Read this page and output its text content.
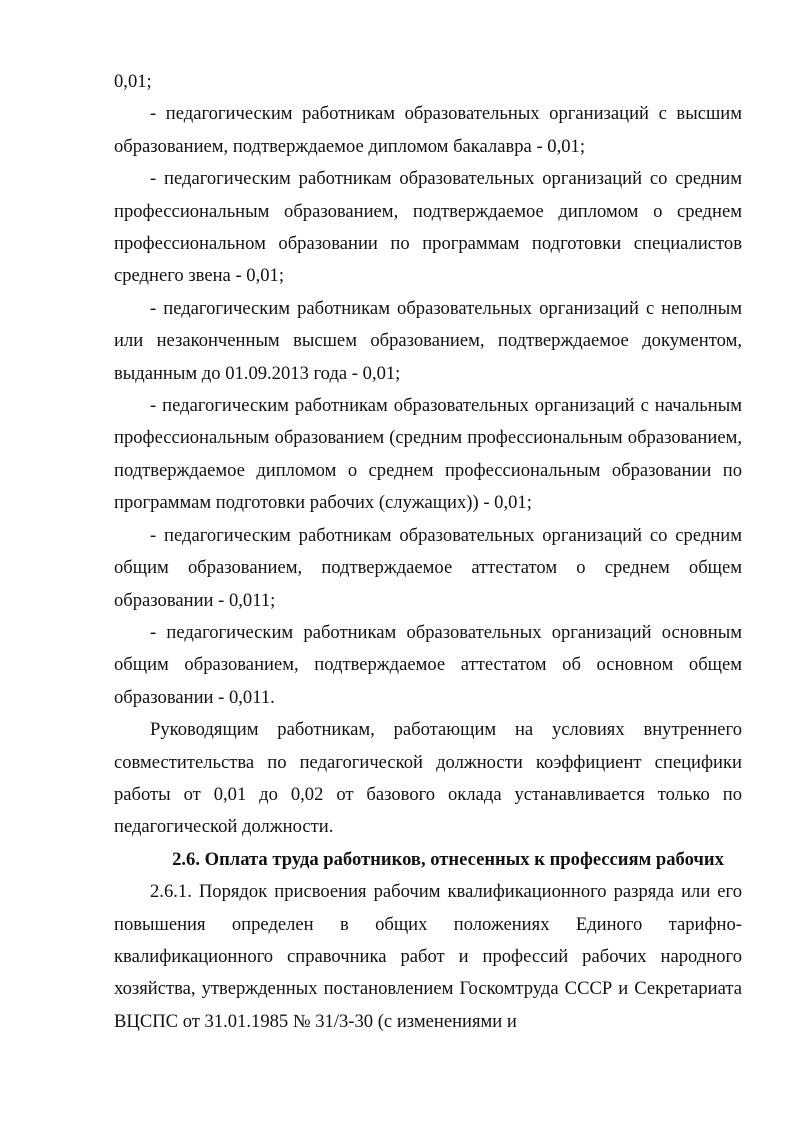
0,01;

- педагогическим работникам образовательных организаций с высшим образованием, подтверждаемое дипломом бакалавра - 0,01;

- педагогическим работникам образовательных организаций со средним профессиональным образованием, подтверждаемое дипломом о среднем профессиональном образовании по программам подготовки специалистов среднего звена - 0,01;

- педагогическим работникам образовательных организаций с неполным или незаконченным высшем образованием, подтверждаемое документом, выданным до 01.09.2013 года - 0,01;

- педагогическим работникам образовательных организаций с начальным профессиональным образованием (средним профессиональным образованием, подтверждаемое дипломом о среднем профессиональным образовании по программам подготовки рабочих (служащих)) - 0,01;

- педагогическим работникам образовательных организаций со средним общим образованием, подтверждаемое аттестатом о среднем общем образовании - 0,011;

- педагогическим работникам образовательных организаций основным общим образованием, подтверждаемое аттестатом об основном общем образовании - 0,011.

Руководящим работникам, работающим на условиях внутреннего совместительства по педагогической должности коэффициент специфики работы от 0,01 до 0,02 от базового оклада устанавливается только по педагогической должности.

2.6. Оплата труда работников, отнесенных к профессиям рабочих

2.6.1. Порядок присвоения рабочим квалификационного разряда или его повышения определен в общих положениях Единого тарифно-квалификационного справочника работ и профессий рабочих народного хозяйства, утвержденных постановлением Госкомтруда СССР и Секретариата ВЦСПС от 31.01.1985 № 31/3-30 (с изменениями и
